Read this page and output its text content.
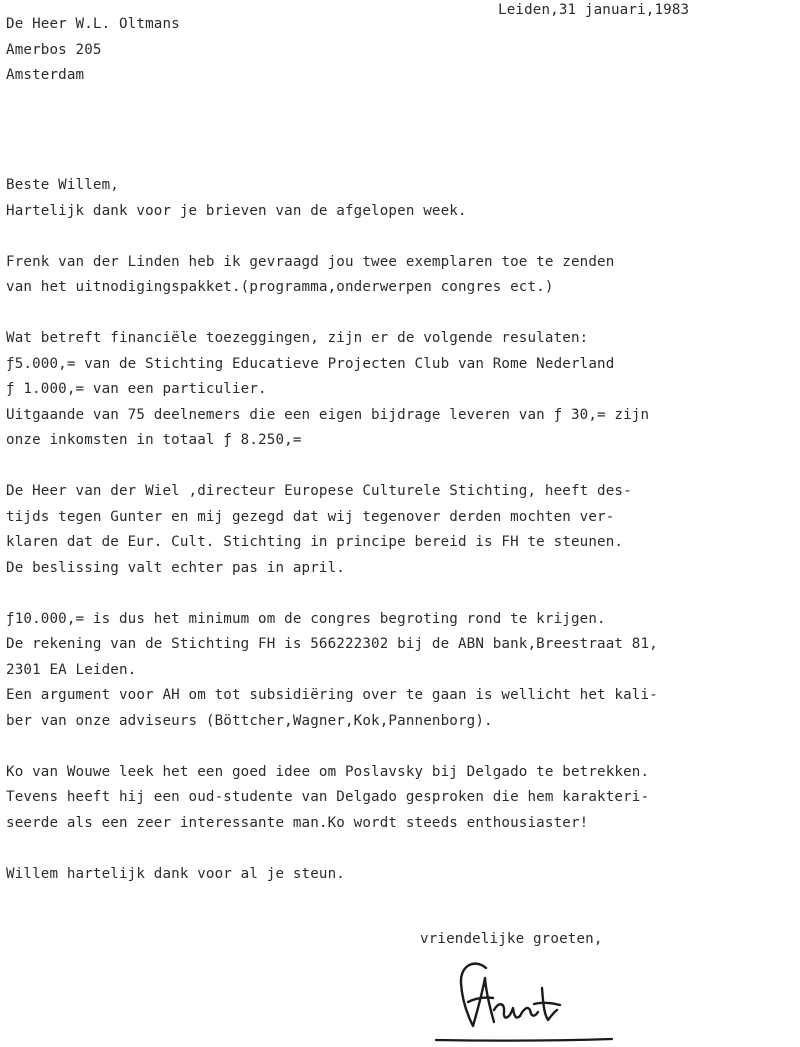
Leiden,31 januari,1983
De Heer W.L. Oltmans
Amerbos 205
Amsterdam
Beste Willem,
Hartelijk dank voor je brieven van de afgelopen week.
Frenk van der Linden heb ik gevraagd jou twee exemplaren toe te zenden
van het uitnodigingspakket.(programma,onderwerpen congres ect.)
Wat betreft financiële toezeggingen, zijn er de volgende resulaten:
ƒ5.000,= van de Stichting Educatieve Projecten Club van Rome Nederland
ƒ 1.000,= van een particulier.
Uitgaande van 75 deelnemers die een eigen bijdrage leveren van ƒ 30,= zijn
onze inkomsten in totaal ƒ 8.250,=
De Heer van der Wiel ,directeur Europese Culturele Stichting, heeft des-
tijds tegen Gunter en mij gezegd dat wij tegenover derden mochten ver-
klaren dat de Eur. Cult. Stichting in principe bereid is FH te steunen.
De beslissing valt echter pas in april.
ƒ10.000,= is dus het minimum om de congres begroting rond te krijgen.
De rekening van de Stichting FH is 566222302 bij de ABN bank,Breestraat 81,
2301 EA Leiden.
Een argument voor AH om tot subsidiëring over te gaan is wellicht het kali-
ber van onze adviseurs (Böttcher,Wagner,Kok,Pannenborg).
Ko van Wouwe leek het een goed idee om Poslavsky bij Delgado te betrekken.
Tevens heeft hij een oud-studente van Delgado gesproken die hem karakteri-
seerde als een zeer interessante man.Ko wordt steeds enthousiaster!
Willem hartelijk dank voor al je steun.
vriendelijke groeten,
